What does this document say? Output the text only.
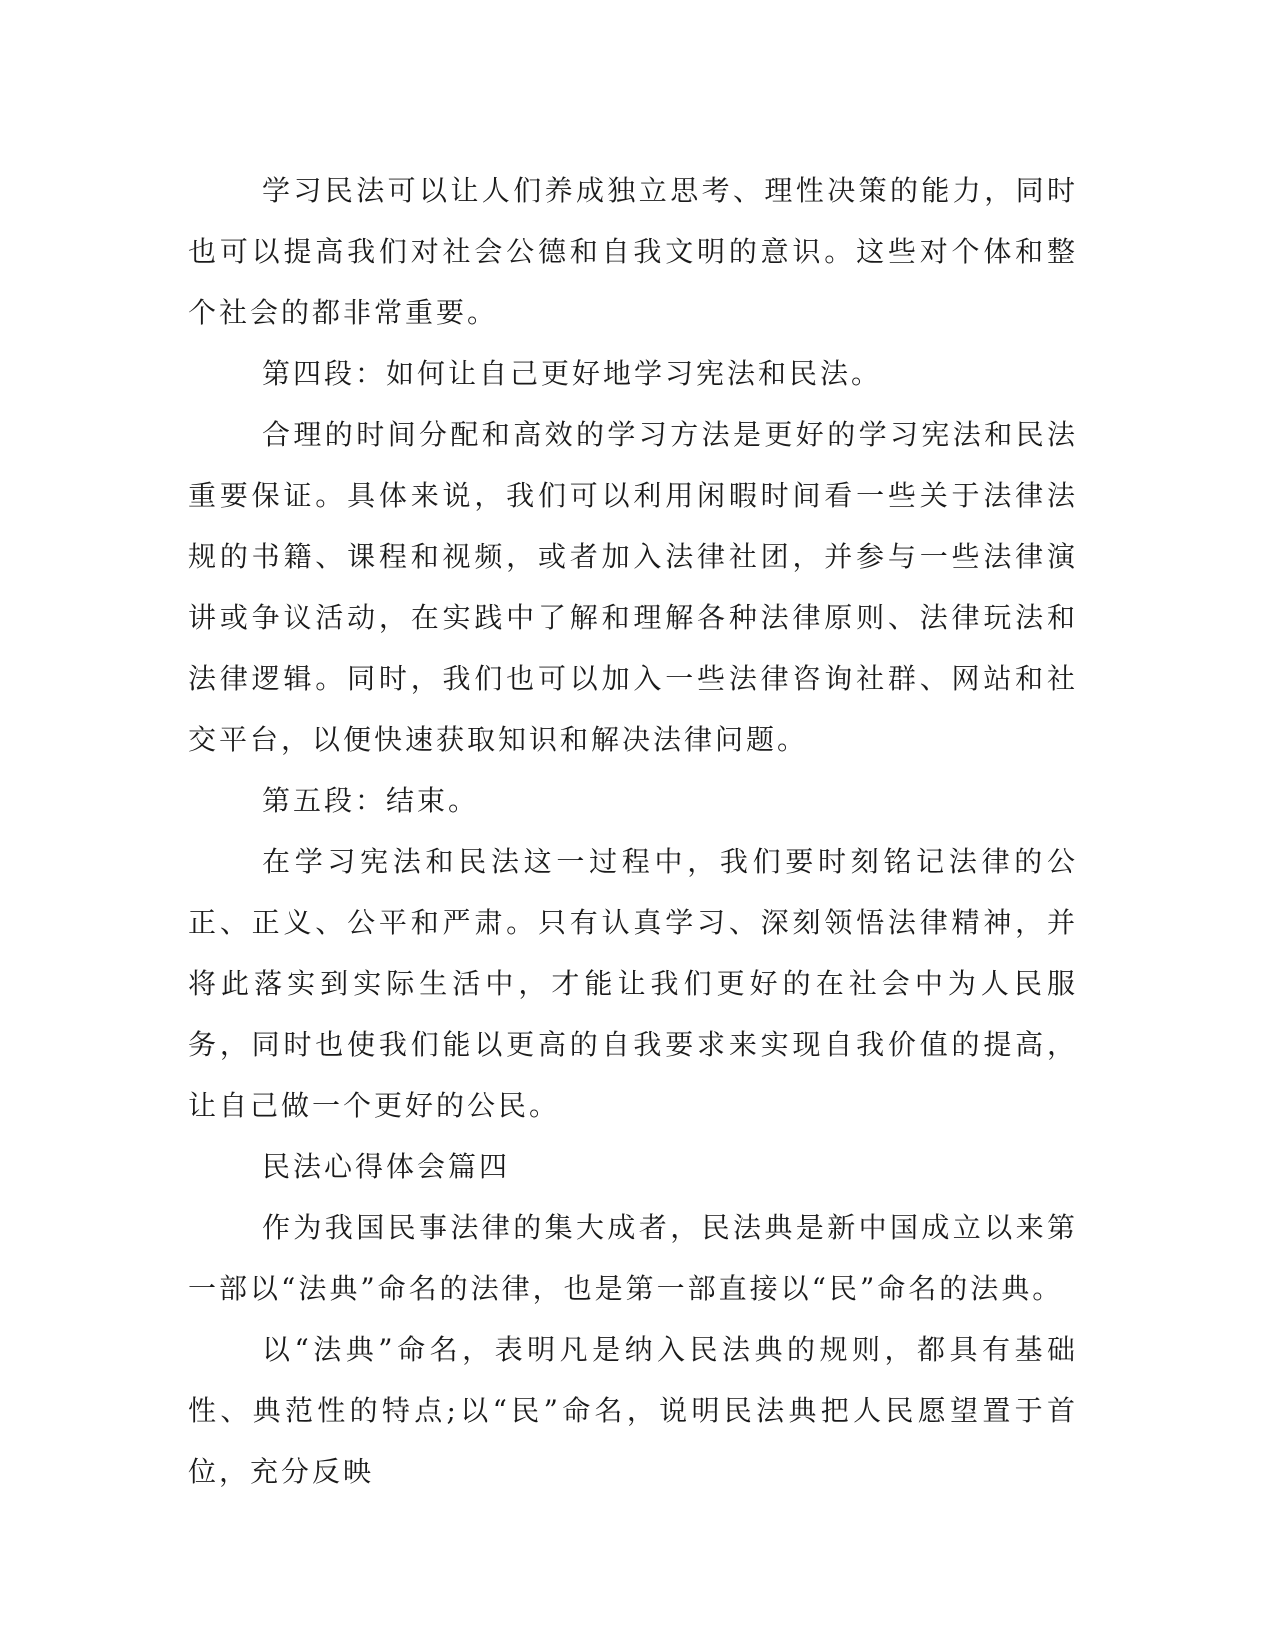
学习民法可以让人们养成独立思考、理性决策的能力，同时也可以提高我们对社会公德和自我文明的意识。这些对个体和整个社会的都非常重要。

第四段：如何让自己更好地学习宪法和民法。

合理的时间分配和高效的学习方法是更好的学习宪法和民法重要保证。具体来说，我们可以利用闲暇时间看一些关于法律法规的书籍、课程和视频，或者加入法律社团，并参与一些法律演讲或争议活动，在实践中了解和理解各种法律原则、法律玩法和法律逻辑。同时，我们也可以加入一些法律咨询社群、网站和社交平台，以便快速获取知识和解决法律问题。

第五段：结束。

在学习宪法和民法这一过程中，我们要时刻铭记法律的公正、正义、公平和严肃。只有认真学习、深刻领悟法律精神，并将此落实到实际生活中，才能让我们更好的在社会中为人民服务，同时也使我们能以更高的自我要求来实现自我价值的提高，让自己做一个更好的公民。

民法心得体会篇四

作为我国民事法律的集大成者，民法典是新中国成立以来第一部以“法典”命名的法律，也是第一部直接以“民”命名的法典。

以“法典”命名，表明凡是纳入民法典的规则，都具有基础性、典范性的特点;以“民”命名，说明民法典把人民愿望置于首位，充分反映
